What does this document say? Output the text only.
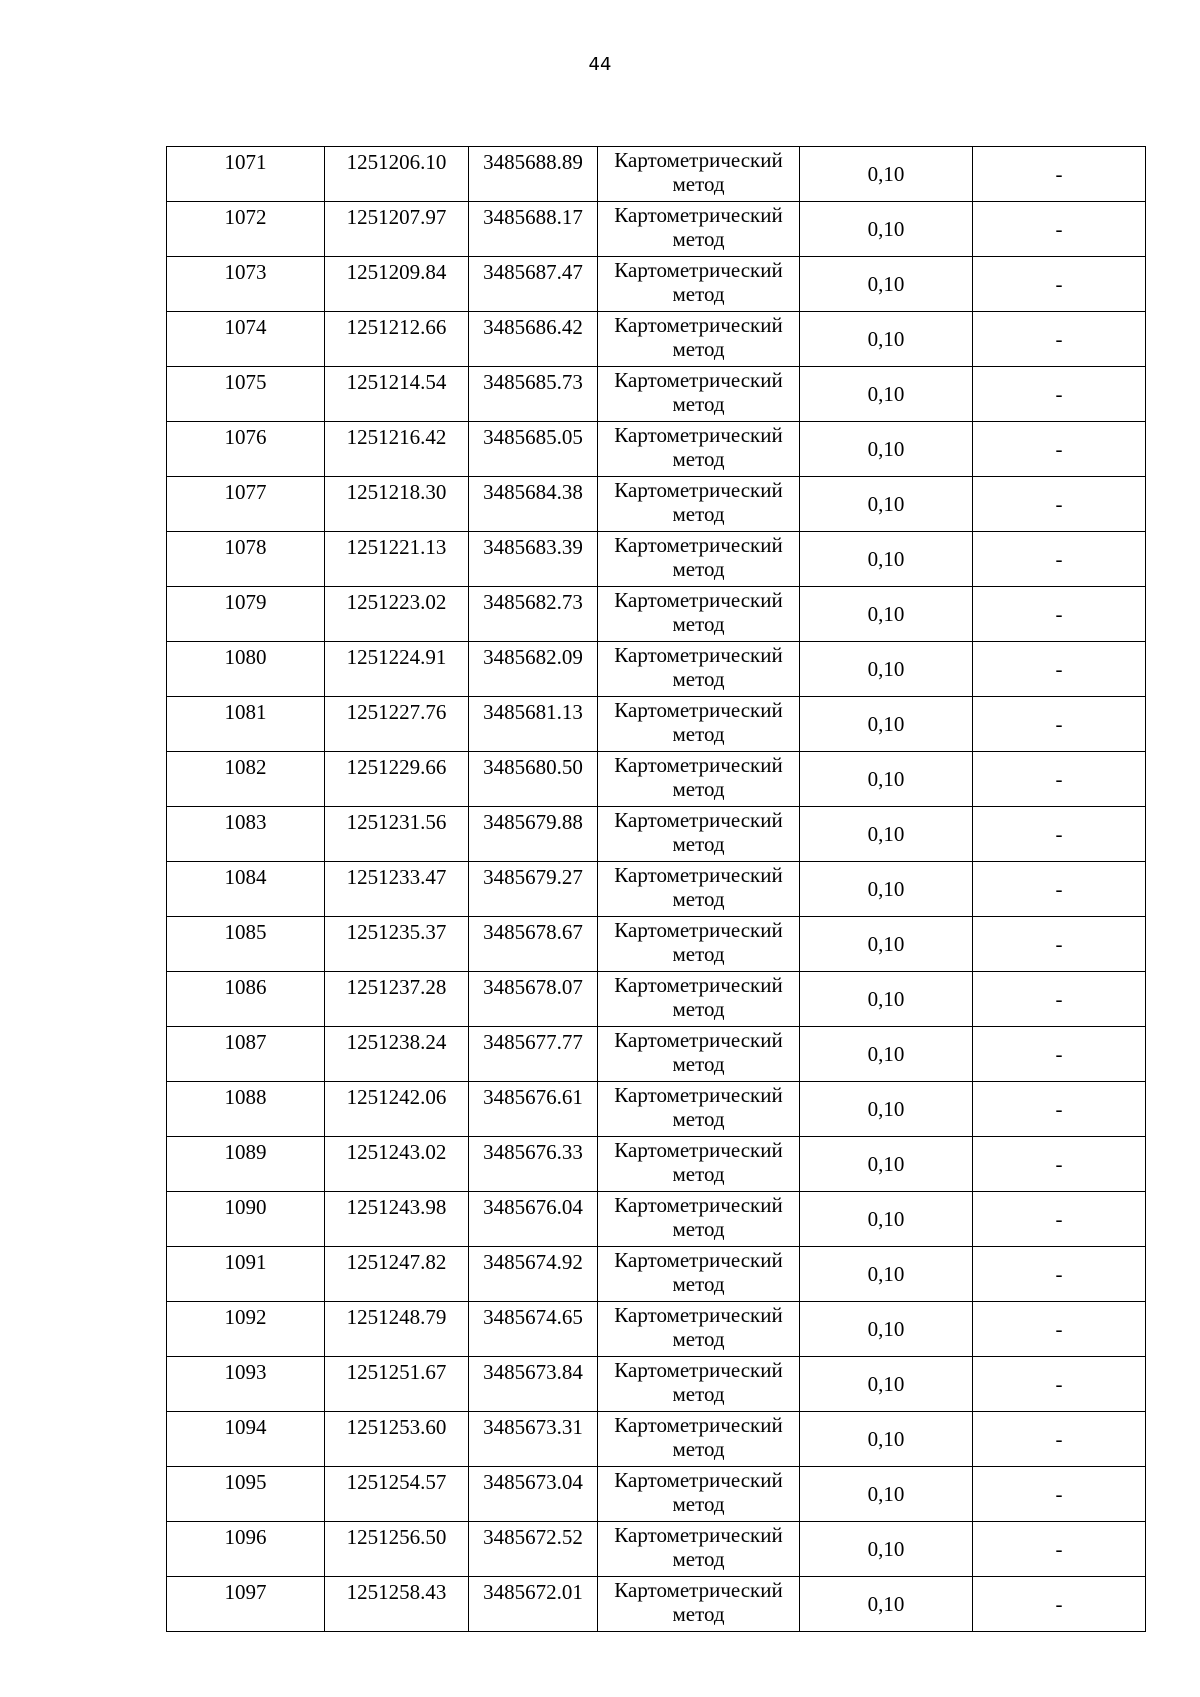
44
1071	1251206.10	3485688.89	Картометрический
метод	0,10	-
1072	1251207.97	3485688.17	Картометрический
метод	0,10	-
1073	1251209.84	3485687.47	Картометрический
метод	0,10	-
1074	1251212.66	3485686.42	Картометрический
метод	0,10	-
1075	1251214.54	3485685.73	Картометрический
метод	0,10	-
1076	1251216.42	3485685.05	Картометрический
метод	0,10	-
1077	1251218.30	3485684.38	Картометрический
метод	0,10	-
1078	1251221.13	3485683.39	Картометрический
метод	0,10	-
1079	1251223.02	3485682.73	Картометрический
метод	0,10	-
1080	1251224.91	3485682.09	Картометрический
метод	0,10	-
1081	1251227.76	3485681.13	Картометрический
метод	0,10	-
1082	1251229.66	3485680.50	Картометрический
метод	0,10	-
1083	1251231.56	3485679.88	Картометрический
метод	0,10	-
1084	1251233.47	3485679.27	Картометрический
метод	0,10	-
1085	1251235.37	3485678.67	Картометрический
метод	0,10	-
1086	1251237.28	3485678.07	Картометрический
метод	0,10	-
1087	1251238.24	3485677.77	Картометрический
метод	0,10	-
1088	1251242.06	3485676.61	Картометрический
метод	0,10	-
1089	1251243.02	3485676.33	Картометрический
метод	0,10	-
1090	1251243.98	3485676.04	Картометрический
метод	0,10	-
1091	1251247.82	3485674.92	Картометрический
метод	0,10	-
1092	1251248.79	3485674.65	Картометрический
метод	0,10	-
1093	1251251.67	3485673.84	Картометрический
метод	0,10	-
1094	1251253.60	3485673.31	Картометрический
метод	0,10	-
1095	1251254.57	3485673.04	Картометрический
метод	0,10	-
1096	1251256.50	3485672.52	Картометрический
метод	0,10	-
1097	1251258.43	3485672.01	Картометрический
метод	0,10	-
